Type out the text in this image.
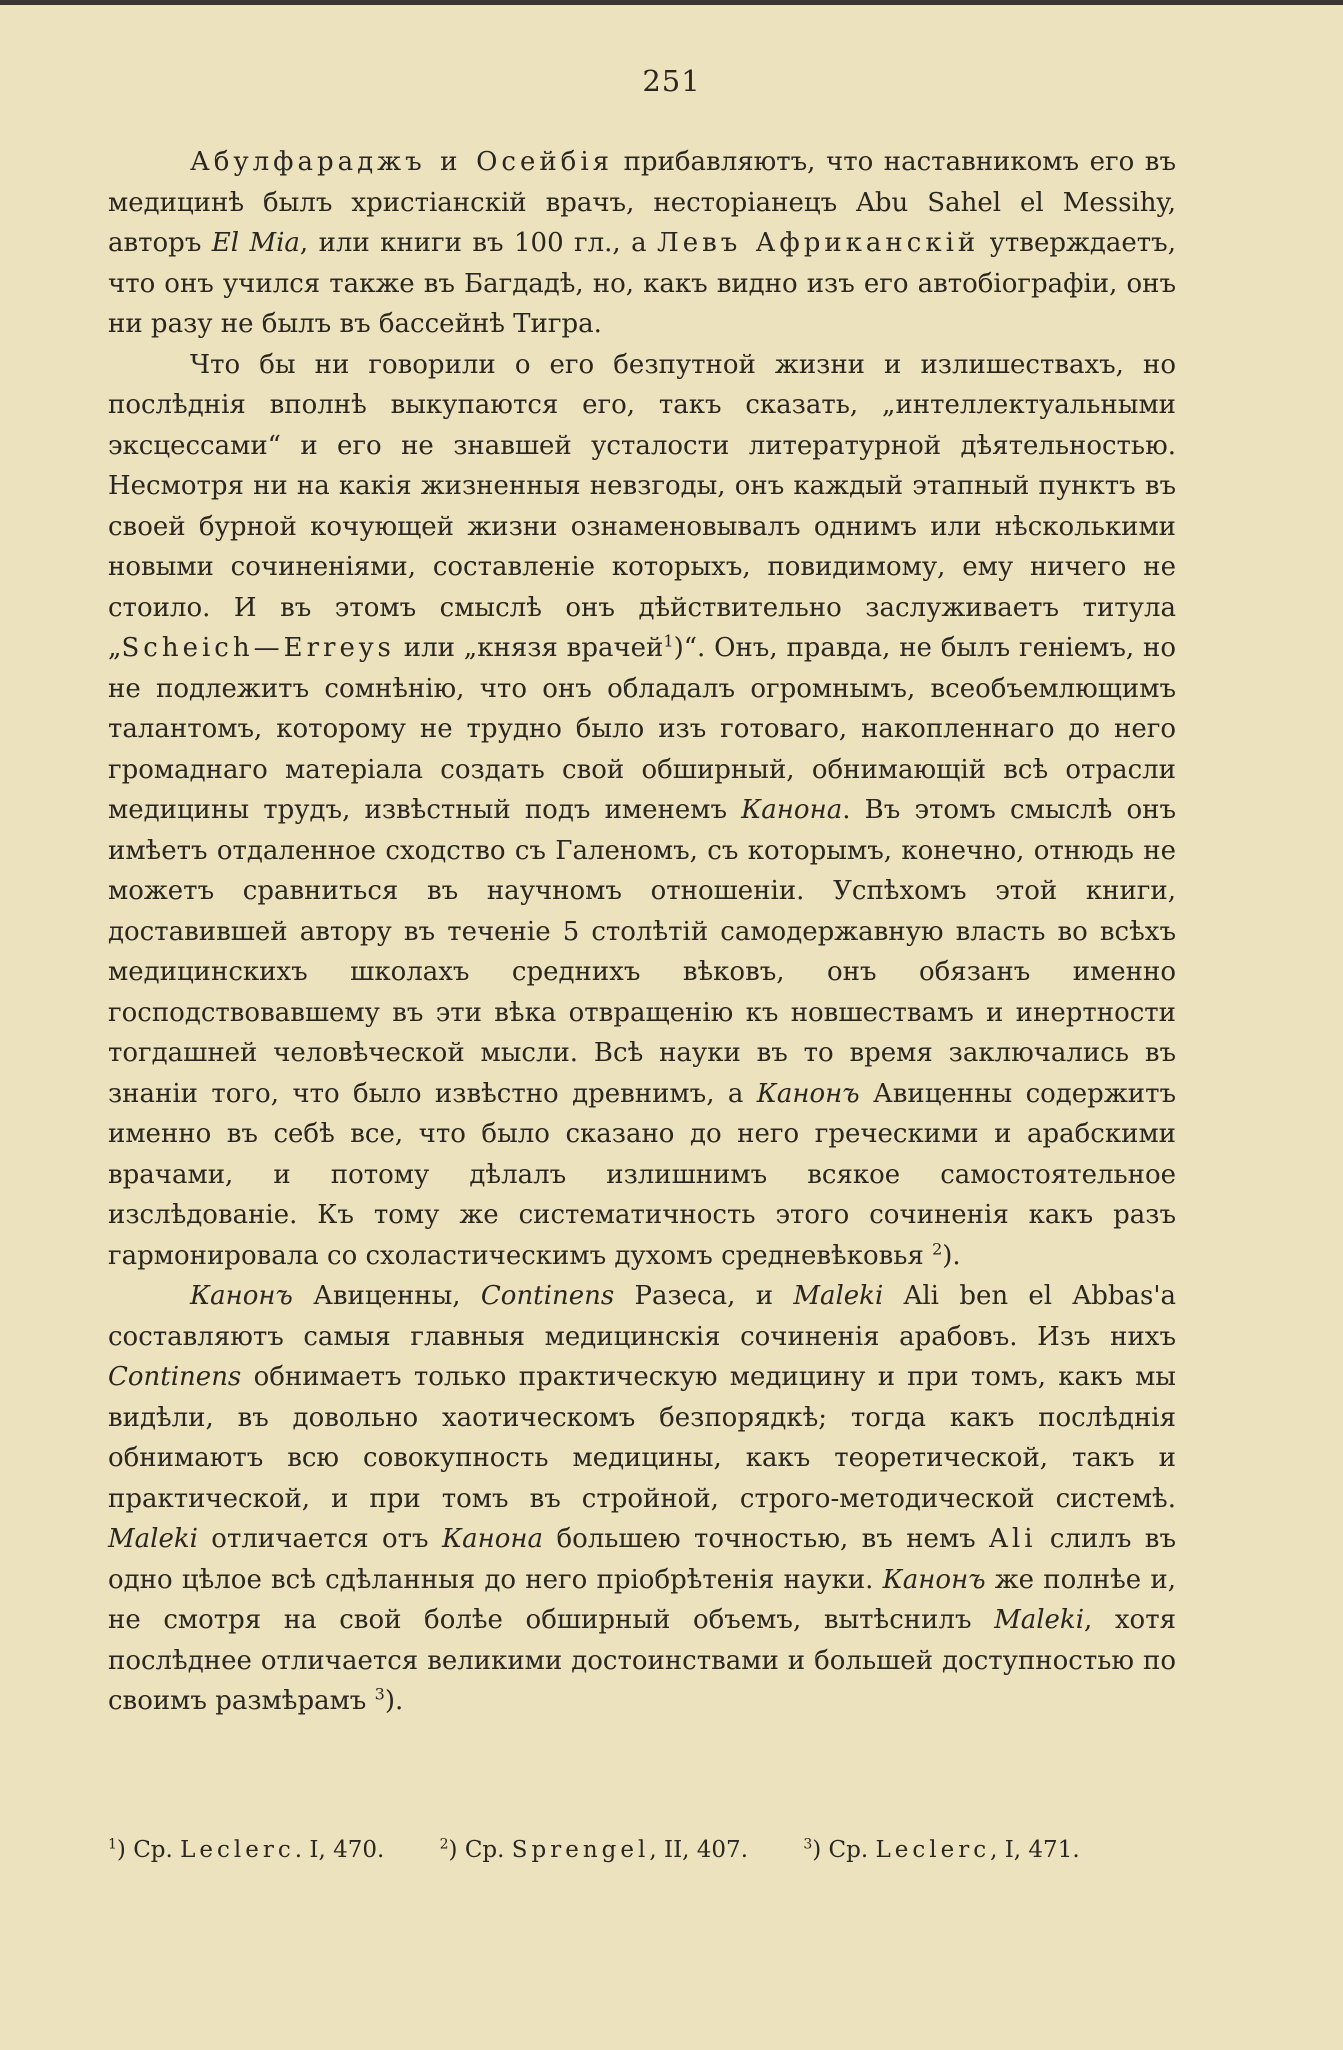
251

Абулфараджъ и Осейбія прибавляютъ, что наставникомъ его въ медицинѣ былъ христіанскій врачъ, несторіанецъ Abu Sahel el Messihy, авторъ El Mia, или книги въ 100 гл., а Левъ Африканскій утверждаетъ, что онъ учился также въ Багдадѣ, но, какъ видно изъ его автобіографіи, онъ ни разу не былъ въ бассейнѣ Тигра.

Что бы ни говорили о его безпутной жизни и излишествахъ, но послѣднія вполнѣ выкупаются его, такъ сказать, „интеллектуальными эксцессами“ и его не знавшей усталости литературной дѣятельностью. Несмотря ни на какія жизненныя невзгоды, онъ каждый этапный пунктъ въ своей бурной кочующей жизни ознаменовывалъ однимъ или нѣсколькими новыми сочиненіями, составленіе которыхъ, повидимому, ему ничего не стоило. И въ этомъ смыслѣ онъ дѣйствительно заслуживаетъ титула „Scheich—Erreys или „князя врачей$^1$)“. Онъ, правда, не былъ геніемъ, но не подлежитъ сомнѣнію, что онъ обладалъ огромнымъ, всеобъемлющимъ талантомъ, которому не трудно было изъ готоваго, накопленнаго до него громаднаго матеріала создать свой обширный, обнимающій всѣ отрасли медицины трудъ, извѣстный подъ именемъ Канона. Въ этомъ смыслѣ онъ имѣетъ отдаленное сходство съ Галеномъ, съ которымъ, конечно, отнюдь не можетъ сравниться въ научномъ отношеніи. Успѣхомъ этой книги, доставившей автору въ теченіе 5 столѣтій самодержавную власть во всѣхъ медицинскихъ школахъ среднихъ вѣковъ, онъ обязанъ именно господствовавшему въ эти вѣка отвращенію къ новшествамъ и инертности тогдашней человѣческой мысли. Всѣ науки въ то время заключались въ знаніи того, что было извѣстно древнимъ, а Канонъ Авиценны содержитъ именно въ себѣ все, что было сказано до него греческими и арабскими врачами, и потому дѣлалъ излишнимъ всякое самостоятельное изслѣдованіе. Къ тому же систематичность этого сочиненія какъ разъ гармонировала со схоластическимъ духомъ средневѣковья $^2$).

Канонъ Авиценны, Continens Разеса, и Maleki Ali ben el Abbas'a составляютъ самыя главныя медицинскія сочиненія арабовъ. Изъ нихъ Continens обнимаетъ только практическую медицину и при томъ, какъ мы видѣли, въ довольно хаотическомъ безпорядкѣ; тогда какъ послѣднія обнимаютъ всю совокупность медицины, какъ теоретической, такъ и практической, и при томъ въ стройной, строго-методической системѣ. Maleki отличается отъ Канона большею точностью, въ немъ Ali слилъ въ одно цѣлое всѣ сдѣланныя до него пріобрѣтенія науки. Канонъ же полнѣе и, не смотря на свой болѣе обширный объемъ, вытѣснилъ Maleki, хотя послѣднее отличается великими достоинствами и большей доступностью по своимъ размѣрамъ $^3$).

$^1$) Ср. Leclerc. I, 470.	$^2$) Ср. Sprengel, II, 407.	$^3$) Ср. Leclerc, I, 471.
